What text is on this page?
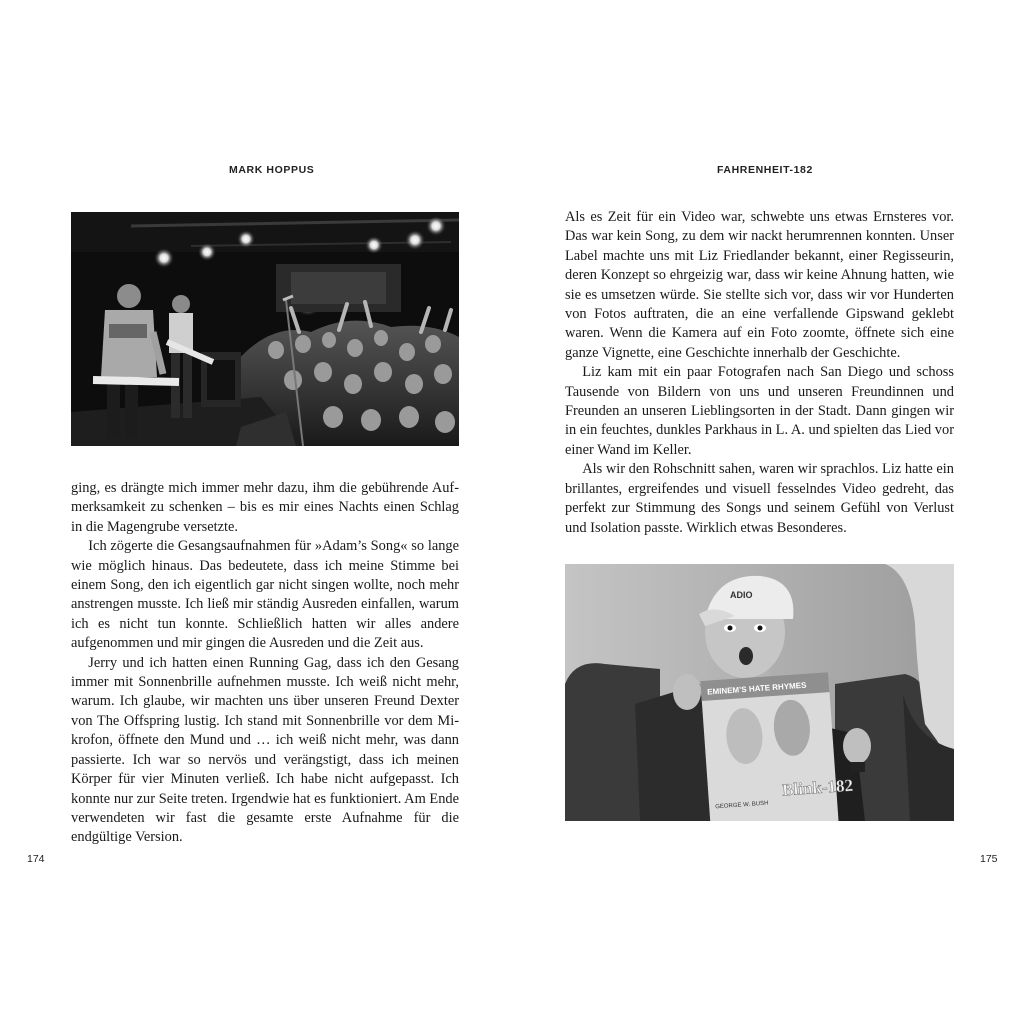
MARK HOPPUS

ging, es drängte mich immer mehr dazu, ihm die gebührende Aufmerksamkeit zu schenken – bis es mir eines Nachts einen Schlag in die Magengrube versetzte.

Ich zögerte die Gesangsaufnahmen für »Adam’s Song« so lange wie möglich hinaus. Das bedeutete, dass ich meine Stimme bei einem Song, den ich eigentlich gar nicht singen wollte, noch mehr anstrengen musste. Ich ließ mir ständig Ausreden einfallen, warum ich es nicht tun konnte. Schließlich hatten wir alles andere aufgenommen und mir gingen die Ausreden und die Zeit aus.

Jerry und ich hatten einen Running Gag, dass ich den Gesang immer mit Sonnenbrille aufnehmen musste. Ich weiß nicht mehr, warum. Ich glaube, wir machten uns über unseren Freund Dexter von The Offspring lustig. Ich stand mit Sonnenbrille vor dem Mikrofon, öffnete den Mund und … ich weiß nicht mehr, was dann passierte. Ich war so nervös und verängstigt, dass ich meinen Körper für vier Minuten verließ. Ich habe nicht aufgepasst. Ich konnte nur zur Seite treten. Irgendwie hat es funktioniert. Am Ende verwendeten wir fast die gesamte erste Aufnahme für die endgültige Version.

174
FAHRENHEIT-182

Als es Zeit für ein Video war, schwebte uns etwas Ernsteres vor. Das war kein Song, zu dem wir nackt herumrennen konnten. Unser Label machte uns mit Liz Friedlander bekannt, einer Regisseurin, deren Konzept so ehrgeizig war, dass wir keine Ahnung hatten, wie sie es umsetzen würde. Sie stellte sich vor, dass wir vor Hunderten von Fotos auftraten, die an eine verfallende Gipswand geklebt waren. Wenn die Kamera auf ein Foto zoomte, öffnete sich eine ganze Vignette, eine Geschichte innerhalb der Geschichte.

Liz kam mit ein paar Fotografen nach San Diego und schoss Tausende von Bildern von uns und unseren Freundinnen und Freunden an unseren Lieblingsorten in der Stadt. Dann gingen wir in ein feuchtes, dunkles Parkhaus in L. A. und spielten das Lied vor einer Wand im Keller.

Als wir den Rohschnitt sahen, waren wir sprachlos. Liz hatte ein brillantes, ergreifendes und visuell fesselndes Video gedreht, das perfekt zur Stimmung des Songs und seinem Gefühl von Verlust und Isolation passte. Wirklich etwas Besonderes.

ADIO
EMINEM’S HATE RHYMES
Blink-182
GEORGE W. BUSH
175
